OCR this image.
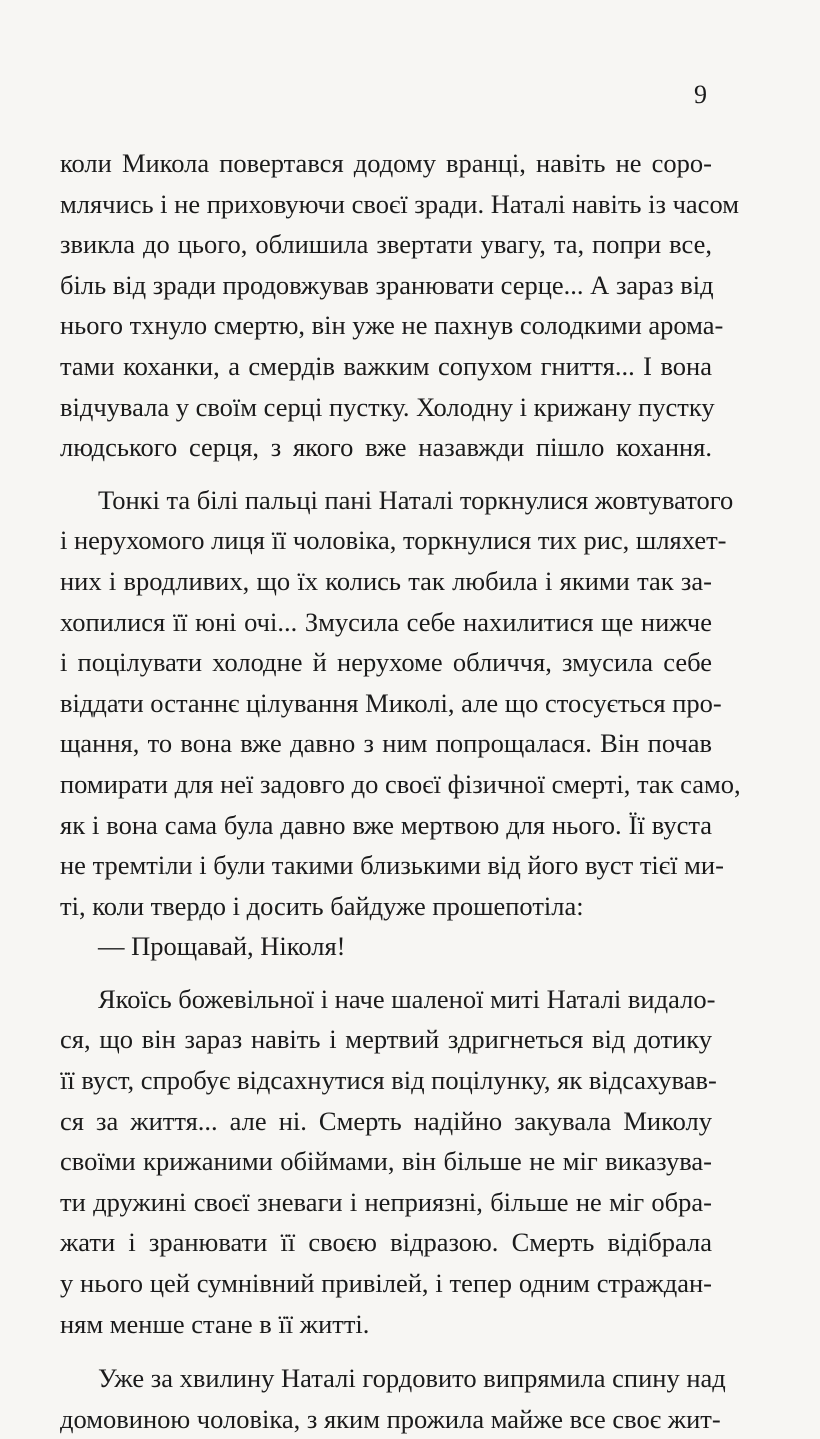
9
коли Микола повертався додому вранці, навіть не соро-
млячись і не приховуючи своєї зради. Наталі навіть із часом
звикла до цього, облишила звертати увагу, та, попри все,
біль від зради продовжував зранювати серце... А зараз від
нього тхнуло смертю, він уже не пахнув солодкими арома-
тами коханки, а смердів важким сопухом гниття... І вона
відчувала у своїм серці пустку. Холодну і крижану пустку
людського серця, з якого вже назавжди пішло кохання.
Тонкі та білі пальці пані Наталі торкнулися жовтуватого
і нерухомого лиця її чоловіка, торкнулися тих рис, шляхет-
них і вродливих, що їх колись так любила і якими так за-
хопилися її юні очі... Змусила себе нахилитися ще нижче
і поцілувати холодне й нерухоме обличчя, змусила себе
віддати останнє цілування Миколі, але що стосується про-
щання, то вона вже давно з ним попрощалася. Він почав
помирати для неї задовго до своєї фізичної смерті, так само,
як і вона сама була давно вже мертвою для нього. Її вуста
не тремтіли і були такими близькими від його вуст тієї ми-
ті, коли твердо і досить байдуже прошепотіла:
— Прощавай, Ніколя!
Якоїсь божевільної і наче шаленої миті Наталі видало-
ся, що він зараз навіть і мертвий здригнеться від дотику
її вуст, спробує відсахнутися від поцілунку, як відсахував-
ся за життя... але ні. Смерть надійно закувала Миколу
своїми крижаними обіймами, він більше не міг виказува-
ти дружині своєї зневаги і неприязні, більше не міг обра-
жати і зранювати її своєю відразою. Смерть відібрала
у нього цей сумнівний привілей, і тепер одним страждан-
ням менше стане в її житті.
Уже за хвилину Наталі гордовито випрямила спину над
домовиною чоловіка, з яким прожила майже все своє жит-
